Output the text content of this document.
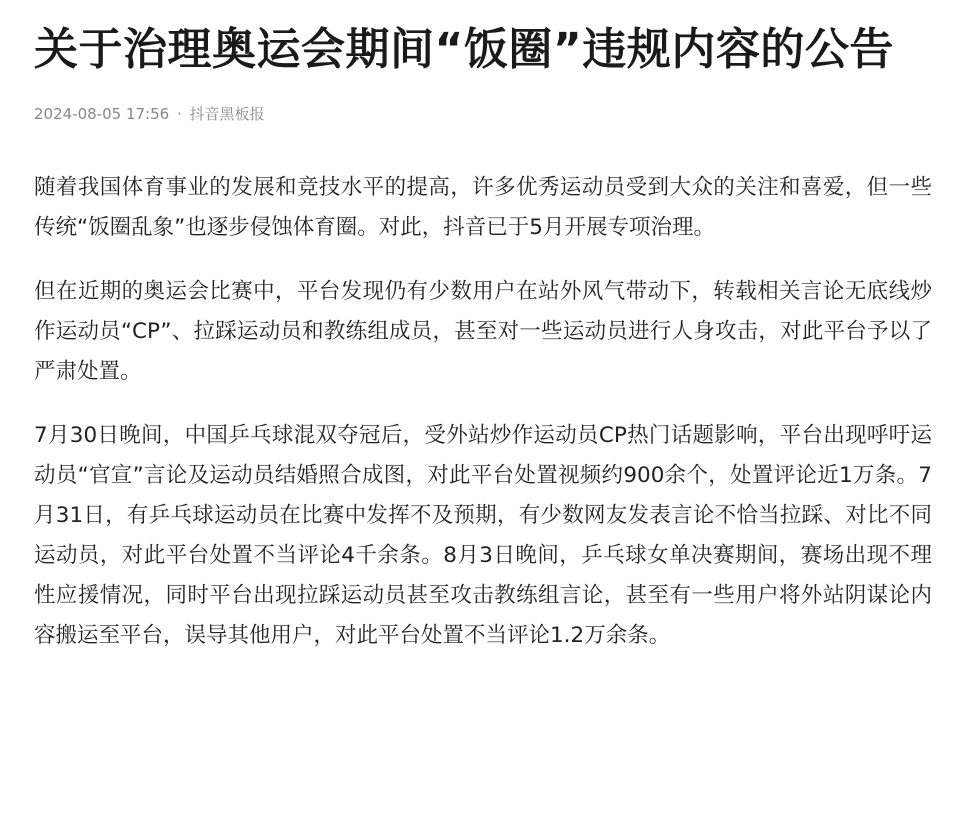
关于治理奥运会期间“饭圈”违规内容的公告
2024-08-05 17:56 · 抖音黑板报

随着我国体育事业的发展和竞技水平的提高，许多优秀运动员受到大众的关注和喜爱，但一些传统“饭圈乱象”也逐步侵蚀体育圈。对此，抖音已于5月开展专项治理。

但在近期的奥运会比赛中，平台发现仍有少数用户在站外风气带动下，转载相关言论无底线炒作运动员“CP”、拉踩运动员和教练组成员，甚至对一些运动员进行人身攻击，对此平台予以了严肃处置。

7月30日晚间，中国乒乓球混双夺冠后，受外站炒作运动员CP热门话题影响，平台出现呼吁运动员“官宣”言论及运动员结婚照合成图，对此平台处置视频约900余个，处置评论近1万条。7月31日，有乒乓球运动员在比赛中发挥不及预期，有少数网友发表言论不恰当拉踩、对比不同运动员，对此平台处置不当评论4千余条。8月3日晚间，乒乓球女单决赛期间，赛场出现不理性应援情况，同时平台出现拉踩运动员甚至攻击教练组言论，甚至有一些用户将外站阴谋论内容搬运至平台，误导其他用户，对此平台处置不当评论1.2万余条。
